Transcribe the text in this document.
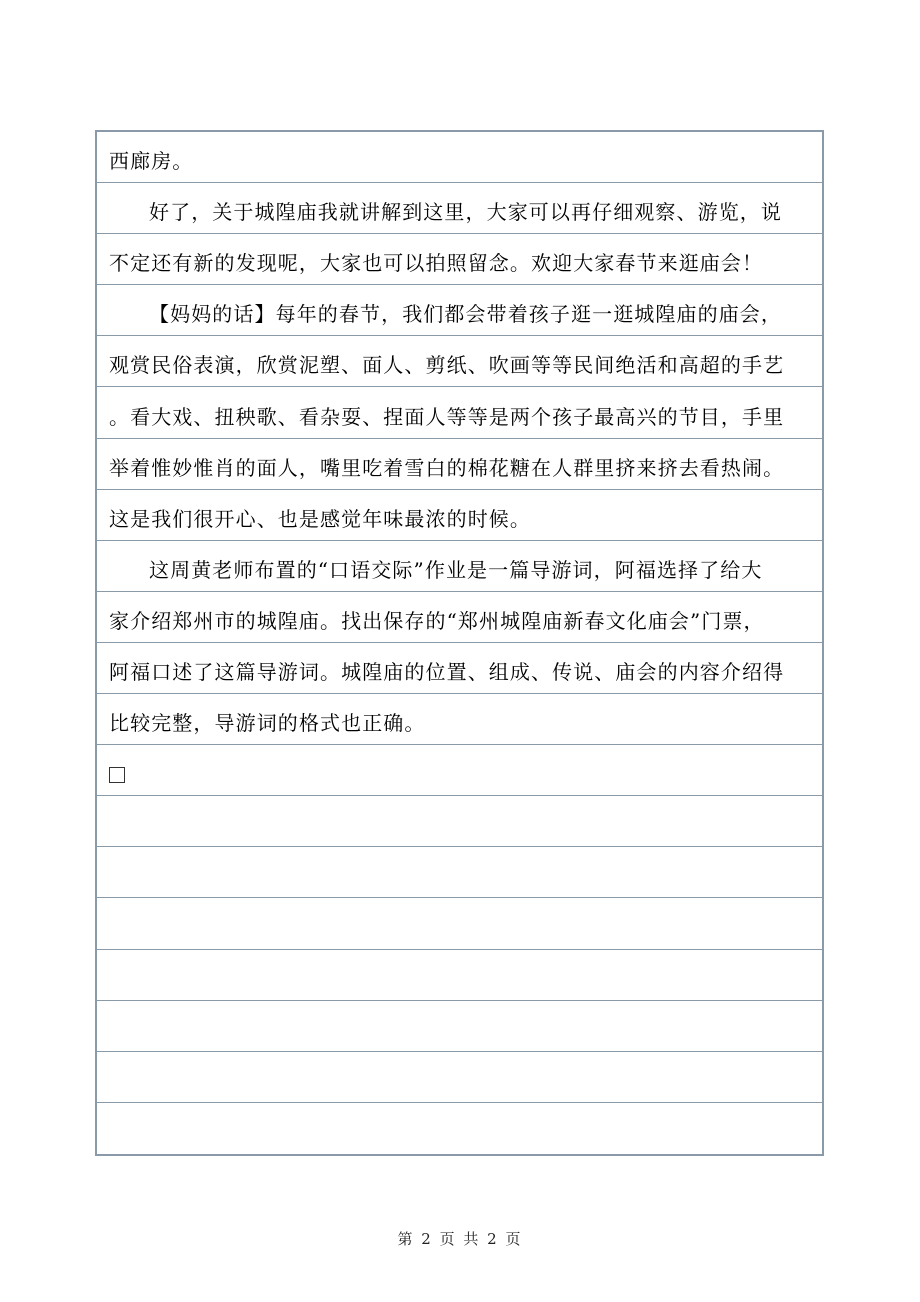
西廊房。
好了，关于城隍庙我就讲解到这里，大家可以再仔细观察、游览，说
不定还有新的发现呢，大家也可以拍照留念。欢迎大家春节来逛庙会！
【妈妈的话】每年的春节，我们都会带着孩子逛一逛城隍庙的庙会，
观赏民俗表演，欣赏泥塑、面人、剪纸、吹画等等民间绝活和高超的手艺
。看大戏、扭秧歌、看杂耍、捏面人等等是两个孩子最高兴的节目，手里
举着惟妙惟肖的面人，嘴里吃着雪白的棉花糖在人群里挤来挤去看热闹。
这是我们很开心、也是感觉年味最浓的时候。
这周黄老师布置的“口语交际”作业是一篇导游词，阿福选择了给大
家介绍郑州市的城隍庙。找出保存的“郑州城隍庙新春文化庙会”门票，
阿福口述了这篇导游词。城隍庙的位置、组成、传说、庙会的内容介绍得
比较完整，导游词的格式也正确。
第 2 页 共 2 页
